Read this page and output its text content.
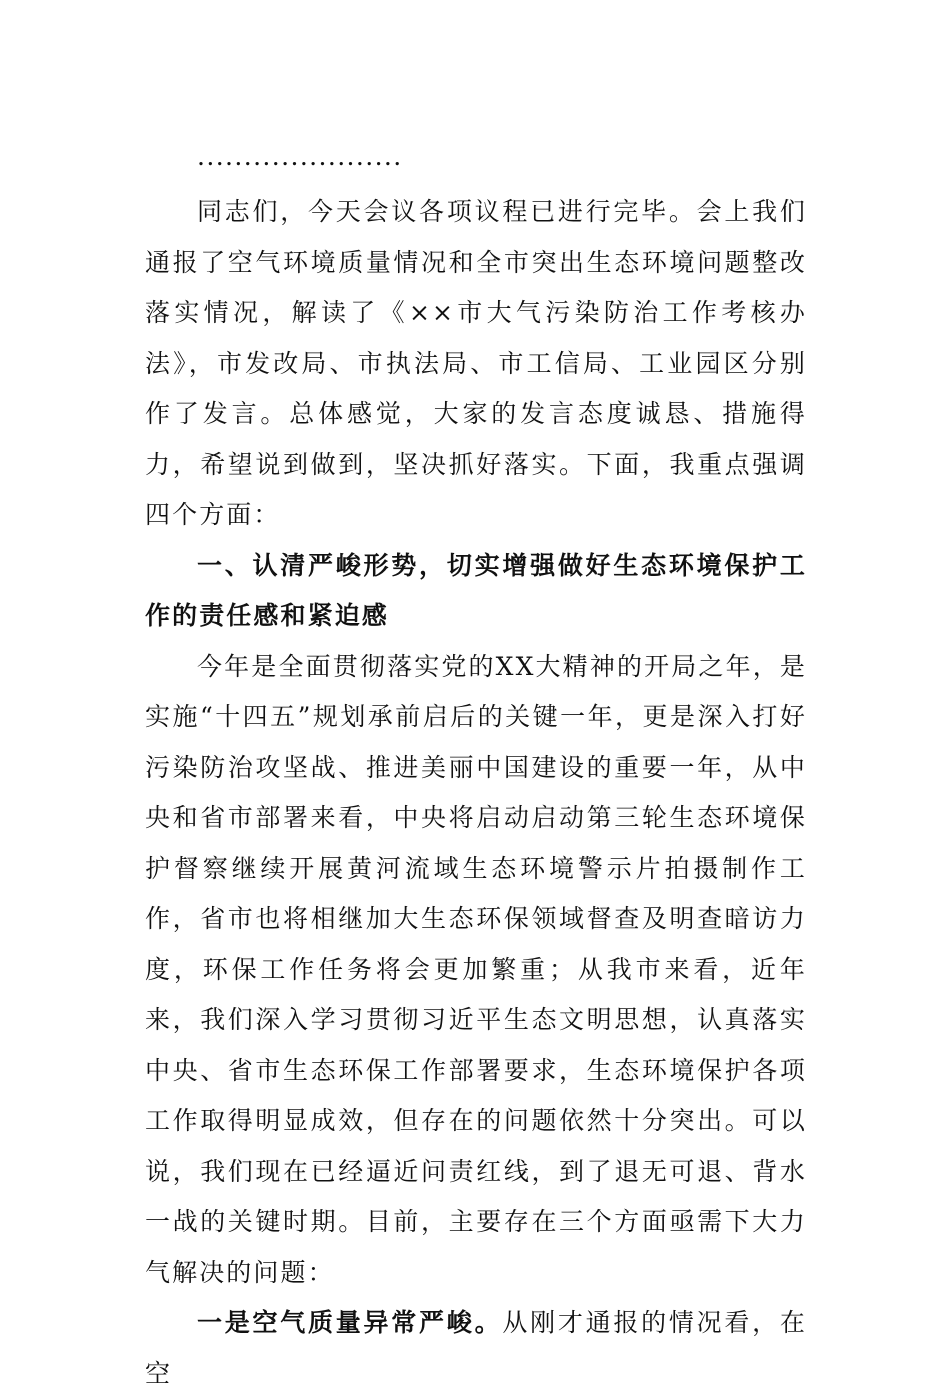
......................

同志们，今天会议各项议程已进行完毕。会上我们通报了空气环境质量情况和全市突出生态环境问题整改落实情况，解读了《××市大气污染防治工作考核办法》，市发改局、市执法局、市工信局、工业园区分别作了发言。总体感觉，大家的发言态度诚恳、措施得力，希望说到做到，坚决抓好落实。下面，我重点强调四个方面：

一、认清严峻形势，切实增强做好生态环境保护工作的责任感和紧迫感

今年是全面贯彻落实党的XX大精神的开局之年，是实施“十四五”规划承前启后的关键一年，更是深入打好污染防治攻坚战、推进美丽中国建设的重要一年，从中央和省市部署来看，中央将启动启动第三轮生态环境保护督察继续开展黄河流域生态环境警示片拍摄制作工作，省市也将相继加大生态环保领域督查及明查暗访力度，环保工作任务将会更加繁重；从我市来看，近年来，我们深入学习贯彻习近平生态文明思想，认真落实中央、省市生态环保工作部署要求，生态环境保护各项工作取得明显成效，但存在的问题依然十分突出。可以说，我们现在已经逼近问责红线，到了退无可退、背水一战的关键时期。目前，主要存在三个方面亟需下大力气解决的问题：

一是空气质量异常严峻。从刚才通报的情况看，在空
